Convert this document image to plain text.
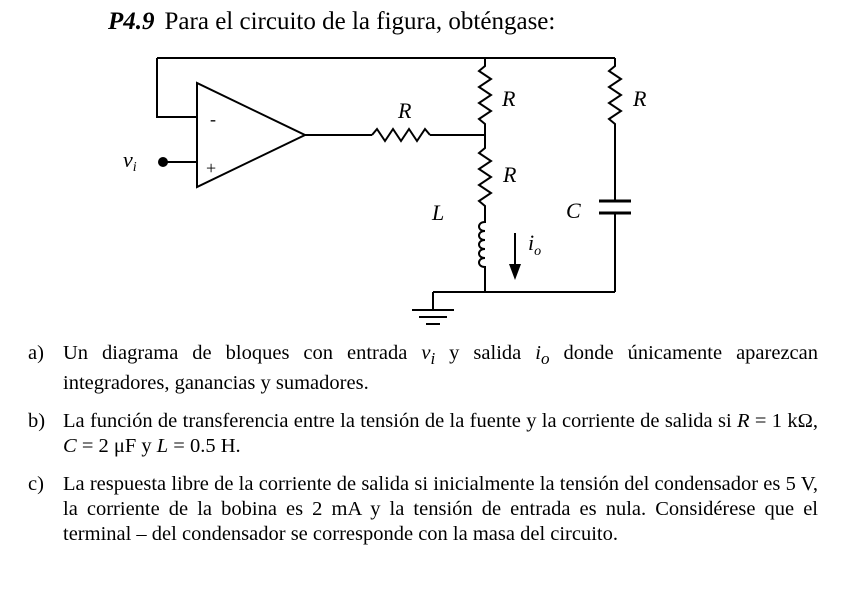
P4.9 Para el circuito de la figura, obténgase:
-
+
vi
R	R
R
L
$i_o$
R
C
a) Un diagrama de bloques con entrada $v_i$ y salida $i_o$ donde únicamente aparezcan integradores, ganancias y sumadores.
b) La función de transferencia entre la tensión de la fuente y la corriente de salida si R = 1 kΩ, C = 2 μF y L = 0.5 H.
c) La respuesta libre de la corriente de salida si inicialmente la tensión del condensador es 5 V, la corriente de la bobina es 2 mA y la tensión de entrada es nula. Considérese que el terminal – del condensador se corresponde con la masa del circuito.
